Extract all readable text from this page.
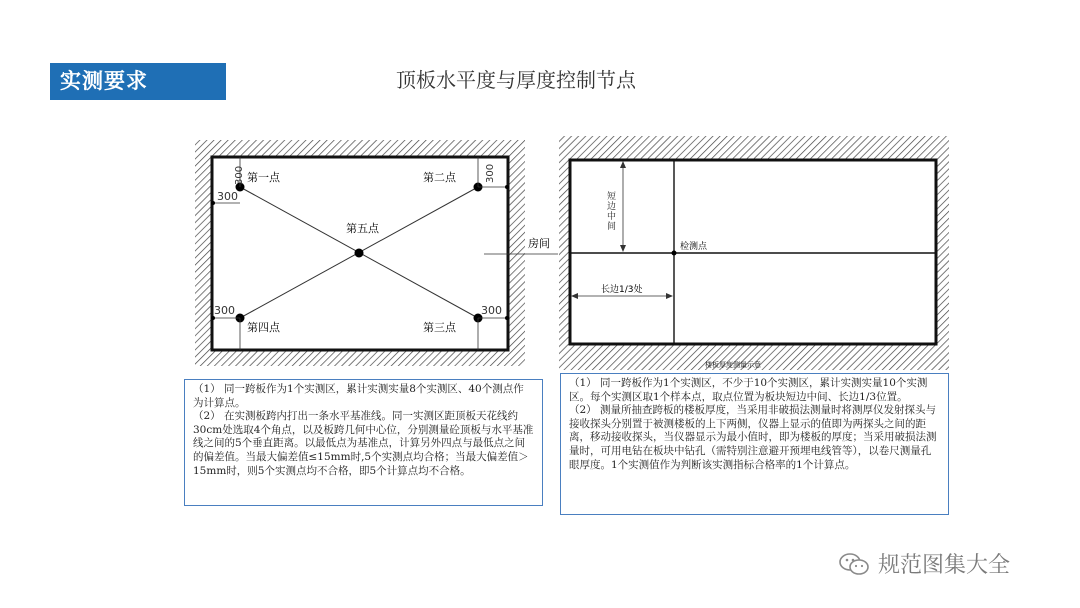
实测要求	顶板水平度与厚度控制节点
第一点	第二点
第三点
第四点
第五点
300
300	300
300	300
房间
长边1/3处
检测点
楼板厚度测量示意
短边中间

（1） 同一跨板作为1个实测区，累计实测实量8个实测区、40个测点作为计算点。

（2） 在实测板跨内打出一条水平基准线。同一实测区距顶板天花线约30cm处选取4个角点，以及板跨几何中心位，分别测量砼顶板与水平基准线之间的5个垂直距离。以最低点为基准点，计算另外四点与最低点之间的偏差值。当最大偏差值≤15mm时,5个实测点均合格；当最大偏差值＞15mm时，则5个实测点均不合格，即5个计算点均不合格。

（1） 同一跨板作为1个实测区，不少于10个实测区，累计实测实量10个实测区。每个实测区取1个样本点，取点位置为板块短边中间、长边1/3位置。

（2） 测量所抽查跨板的楼板厚度，当采用非破损法测量时将测厚仪发射探头与接收探头分别置于被测楼板的上下两侧，仪器上显示的值即为两探头之间的距离，移动接收探头，当仪器显示为最小值时，即为楼板的厚度；当采用破损法测量时，可用电钻在板块中钻孔（需特别注意避开预埋电线管等），以卷尺测量孔眼厚度。1个实测值作为判断该实测指标合格率的1个计算点。

规范图集大全
